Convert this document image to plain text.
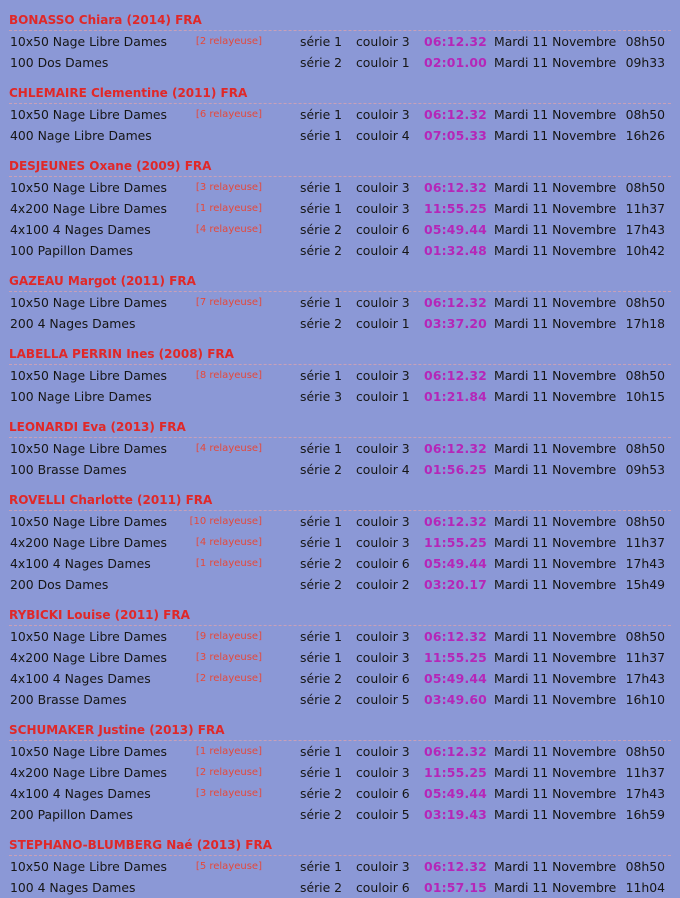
BONASSO Chiara (2014) FRA
10x50 Nage Libre Dames	[2 relayeuse]	série 1 couloir 3 06:12.32 Mardi 11 Novembre 08h50
100 Dos Dames	série 2 couloir 1 02:01.00 Mardi 11 Novembre 09h33
CHLEMAIRE Clementine (2011) FRA
10x50 Nage Libre Dames	[6 relayeuse]	série 1 couloir 3 06:12.32 Mardi 11 Novembre 08h50
400 Nage Libre Dames	série 1 couloir 4 07:05.33 Mardi 11 Novembre 16h26
DESJEUNES Oxane (2009) FRA
10x50 Nage Libre Dames	[3 relayeuse]	série 1 couloir 3 06:12.32 Mardi 11 Novembre 08h50
4x200 Nage Libre Dames	[1 relayeuse]	série 1 couloir 3 11:55.25 Mardi 11 Novembre 11h37
4x100 4 Nages Dames	[4 relayeuse]	série 2 couloir 6 05:49.44 Mardi 11 Novembre 17h43
100 Papillon Dames	série 2 couloir 4 01:32.48 Mardi 11 Novembre 10h42
GAZEAU Margot (2011) FRA
10x50 Nage Libre Dames	[7 relayeuse]	série 1 couloir 3 06:12.32 Mardi 11 Novembre 08h50
200 4 Nages Dames	série 2 couloir 1 03:37.20 Mardi 11 Novembre 17h18
LABELLA PERRIN Ines (2008) FRA
10x50 Nage Libre Dames	[8 relayeuse]	série 1 couloir 3 06:12.32 Mardi 11 Novembre 08h50
100 Nage Libre Dames	série 3 couloir 1 01:21.84 Mardi 11 Novembre 10h15
LEONARDI Eva (2013) FRA
10x50 Nage Libre Dames	[4 relayeuse]	série 1 couloir 3 06:12.32 Mardi 11 Novembre 08h50
100 Brasse Dames	série 2 couloir 4 01:56.25 Mardi 11 Novembre 09h53
ROVELLI Charlotte (2011) FRA
10x50 Nage Libre Dames	[10 relayeuse]	série 1 couloir 3 06:12.32 Mardi 11 Novembre 08h50
4x200 Nage Libre Dames	[4 relayeuse]	série 1 couloir 3 11:55.25 Mardi 11 Novembre 11h37
4x100 4 Nages Dames	[1 relayeuse]	série 2 couloir 6 05:49.44 Mardi 11 Novembre 17h43
200 Dos Dames	série 2 couloir 2 03:20.17 Mardi 11 Novembre 15h49
RYBICKI Louise (2011) FRA
10x50 Nage Libre Dames	[9 relayeuse]	série 1 couloir 3 06:12.32 Mardi 11 Novembre 08h50
4x200 Nage Libre Dames	[3 relayeuse]	série 1 couloir 3 11:55.25 Mardi 11 Novembre 11h37
4x100 4 Nages Dames	[2 relayeuse]	série 2 couloir 6 05:49.44 Mardi 11 Novembre 17h43
200 Brasse Dames	série 2 couloir 5 03:49.60 Mardi 11 Novembre 16h10
SCHUMAKER Justine (2013) FRA
10x50 Nage Libre Dames	[1 relayeuse]	série 1 couloir 3 06:12.32 Mardi 11 Novembre 08h50
4x200 Nage Libre Dames	[2 relayeuse]	série 1 couloir 3 11:55.25 Mardi 11 Novembre 11h37
4x100 4 Nages Dames	[3 relayeuse]	série 2 couloir 6 05:49.44 Mardi 11 Novembre 17h43
200 Papillon Dames	série 2 couloir 5 03:19.43 Mardi 11 Novembre 16h59
STEPHANO-BLUMBERG Naé (2013) FRA
10x50 Nage Libre Dames	[5 relayeuse]	série 1 couloir 3 06:12.32 Mardi 11 Novembre 08h50
100 4 Nages Dames	série 2 couloir 6 01:57.15 Mardi 11 Novembre 11h04
